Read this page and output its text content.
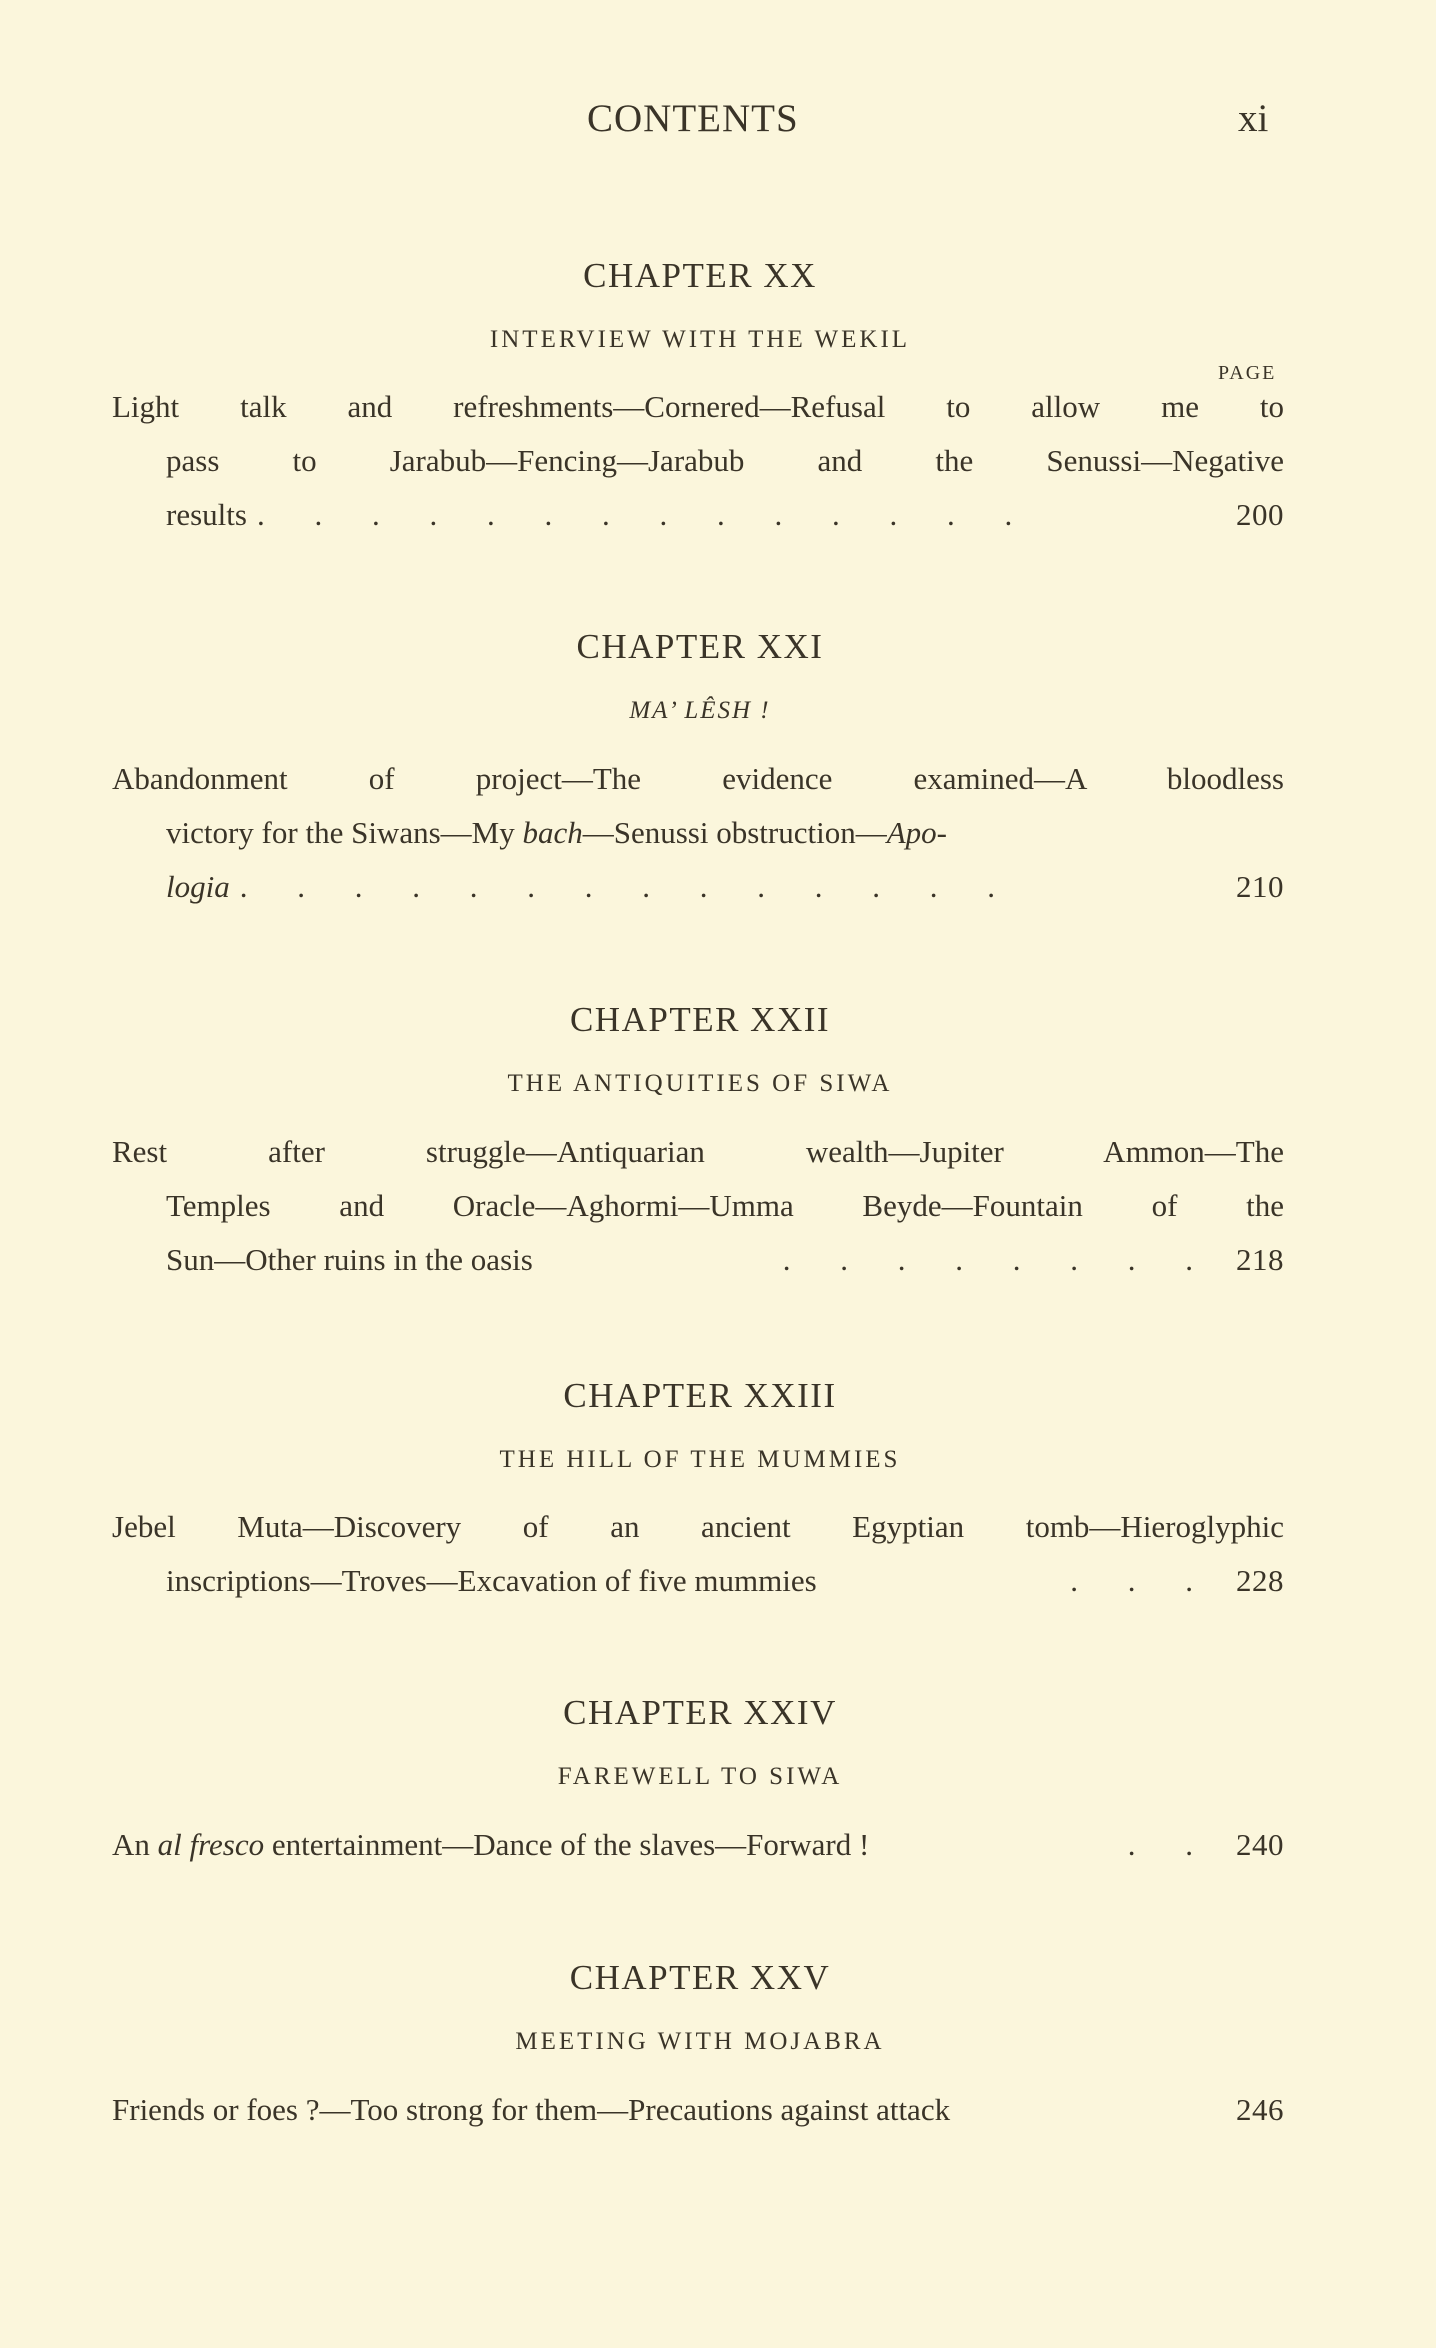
CONTENTS	xi
PAGE
CHAPTER XX
INTERVIEW WITH THE WEKIL
Light talk and refreshments—Cornered—Refusal to allow me to
pass to Jarabub—Fencing—Jarabub and the Senussi—Negative
results . . . . . . . . . . . . . .	200
CHAPTER XXI
MA’ LÊSH !
Abandonment of project—The evidence examined—A bloodless
victory for the Siwans—My bach—Senussi obstruction—Apo-
logia . . . . . . . . . . . . . .	210
CHAPTER XXII
THE ANTIQUITIES OF SIWA
Rest after struggle—Antiquarian wealth—Jupiter Ammon—The
Temples and Oracle—Aghormi—Umma Beyde—Fountain of the
Sun—Other ruins in the oasis	. . . . . . . . 218
CHAPTER XXIII
THE HILL OF THE MUMMIES
Jebel Muta—Discovery of an ancient Egyptian tomb—Hieroglyphic
inscriptions—Troves—Excavation of five mummies	. . . 228
CHAPTER XXIV
FAREWELL TO SIWA
An al fresco entertainment—Dance of the slaves—Forward !	. . 240
CHAPTER XXV
MEETING WITH MOJABRA
Friends or foes ?—Too strong for them—Precautions against attack	246
